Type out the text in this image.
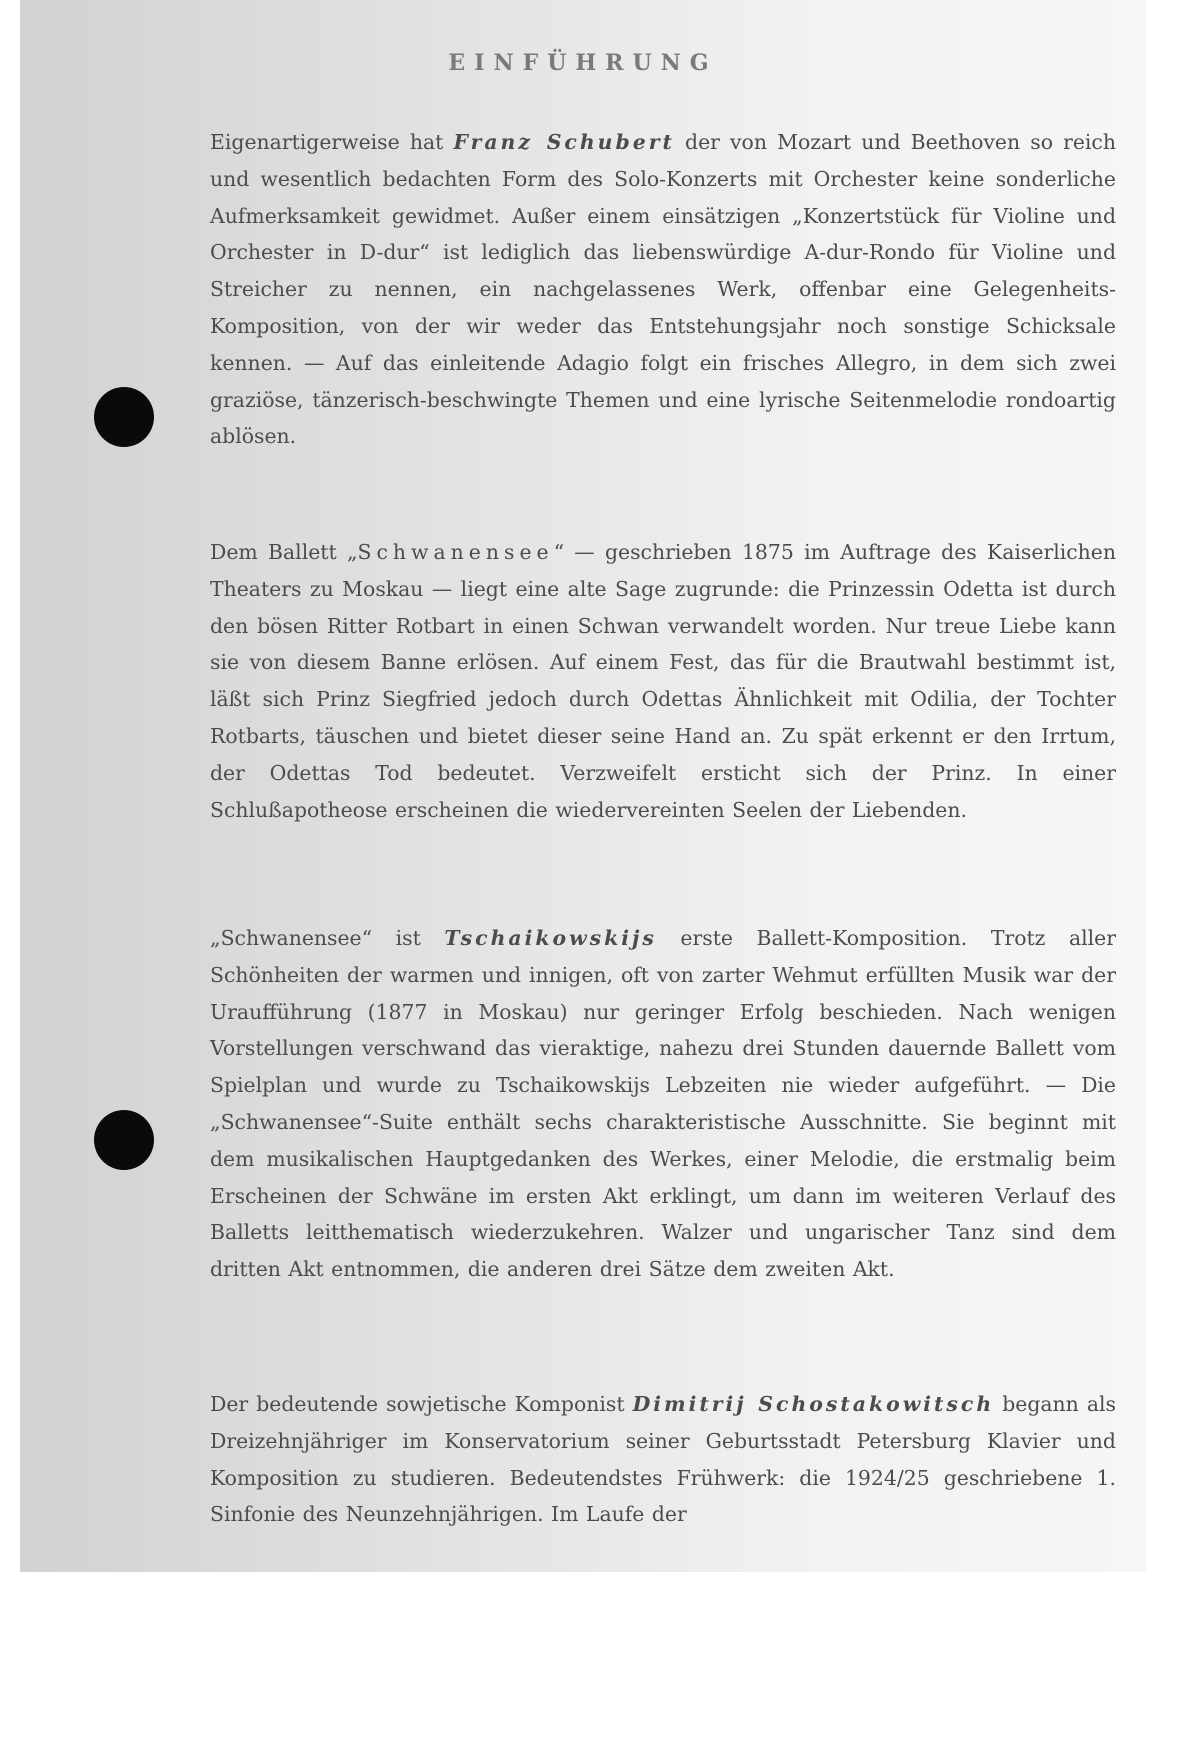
EINFÜHRUNG

Eigenartigerweise hat Franz Schubert der von Mozart und Beethoven so reich und wesentlich bedachten Form des Solo-Konzerts mit Orchester keine sonderliche Aufmerksamkeit gewidmet. Außer einem einsätzigen „Konzertstück für Violine und Orchester in D-dur“ ist lediglich das liebenswürdige A-dur-Rondo für Violine und Streicher zu nennen, ein nachgelassenes Werk, offenbar eine Gelegenheits-Komposition, von der wir weder das Entstehungsjahr noch sonstige Schicksale kennen. — Auf das einleitende Adagio folgt ein frisches Allegro, in dem sich zwei graziöse, tänzerisch-beschwingte Themen und eine lyrische Seitenmelodie rondoartig ablösen.

Dem Ballett „Schwanensee“ — geschrieben 1875 im Auftrage des Kaiserlichen Theaters zu Moskau — liegt eine alte Sage zugrunde: die Prinzessin Odetta ist durch den bösen Ritter Rotbart in einen Schwan verwandelt worden. Nur treue Liebe kann sie von diesem Banne erlösen. Auf einem Fest, das für die Brautwahl bestimmt ist, läßt sich Prinz Siegfried jedoch durch Odettas Ähnlichkeit mit Odilia, der Tochter Rotbarts, täuschen und bietet dieser seine Hand an. Zu spät erkennt er den Irrtum, der Odettas Tod bedeutet. Verzweifelt ersticht sich der Prinz. In einer Schlußapotheose erscheinen die wiedervereinten Seelen der Liebenden.

„Schwanensee“ ist Tschaikowskijs erste Ballett-Komposition. Trotz aller Schönheiten der warmen und innigen, oft von zarter Wehmut erfüllten Musik war der Uraufführung (1877 in Moskau) nur geringer Erfolg beschieden. Nach wenigen Vorstellungen verschwand das vieraktige, nahezu drei Stunden dauernde Ballett vom Spielplan und wurde zu Tschaikowskijs Lebzeiten nie wieder aufgeführt. — Die „Schwanensee“-Suite enthält sechs charakteristische Ausschnitte. Sie beginnt mit dem musikalischen Hauptgedanken des Werkes, einer Melodie, die erstmalig beim Erscheinen der Schwäne im ersten Akt erklingt, um dann im weiteren Verlauf des Balletts leitthematisch wiederzukehren. Walzer und ungarischer Tanz sind dem dritten Akt entnommen, die anderen drei Sätze dem zweiten Akt.

Der bedeutende sowjetische Komponist Dimitrij Schostakowitsch begann als Dreizehnjähriger im Konservatorium seiner Geburtsstadt Petersburg Klavier und Komposition zu studieren. Bedeutendstes Frühwerk: die 1924/25 geschriebene 1. Sinfonie des Neunzehnjährigen. Im Laufe der
